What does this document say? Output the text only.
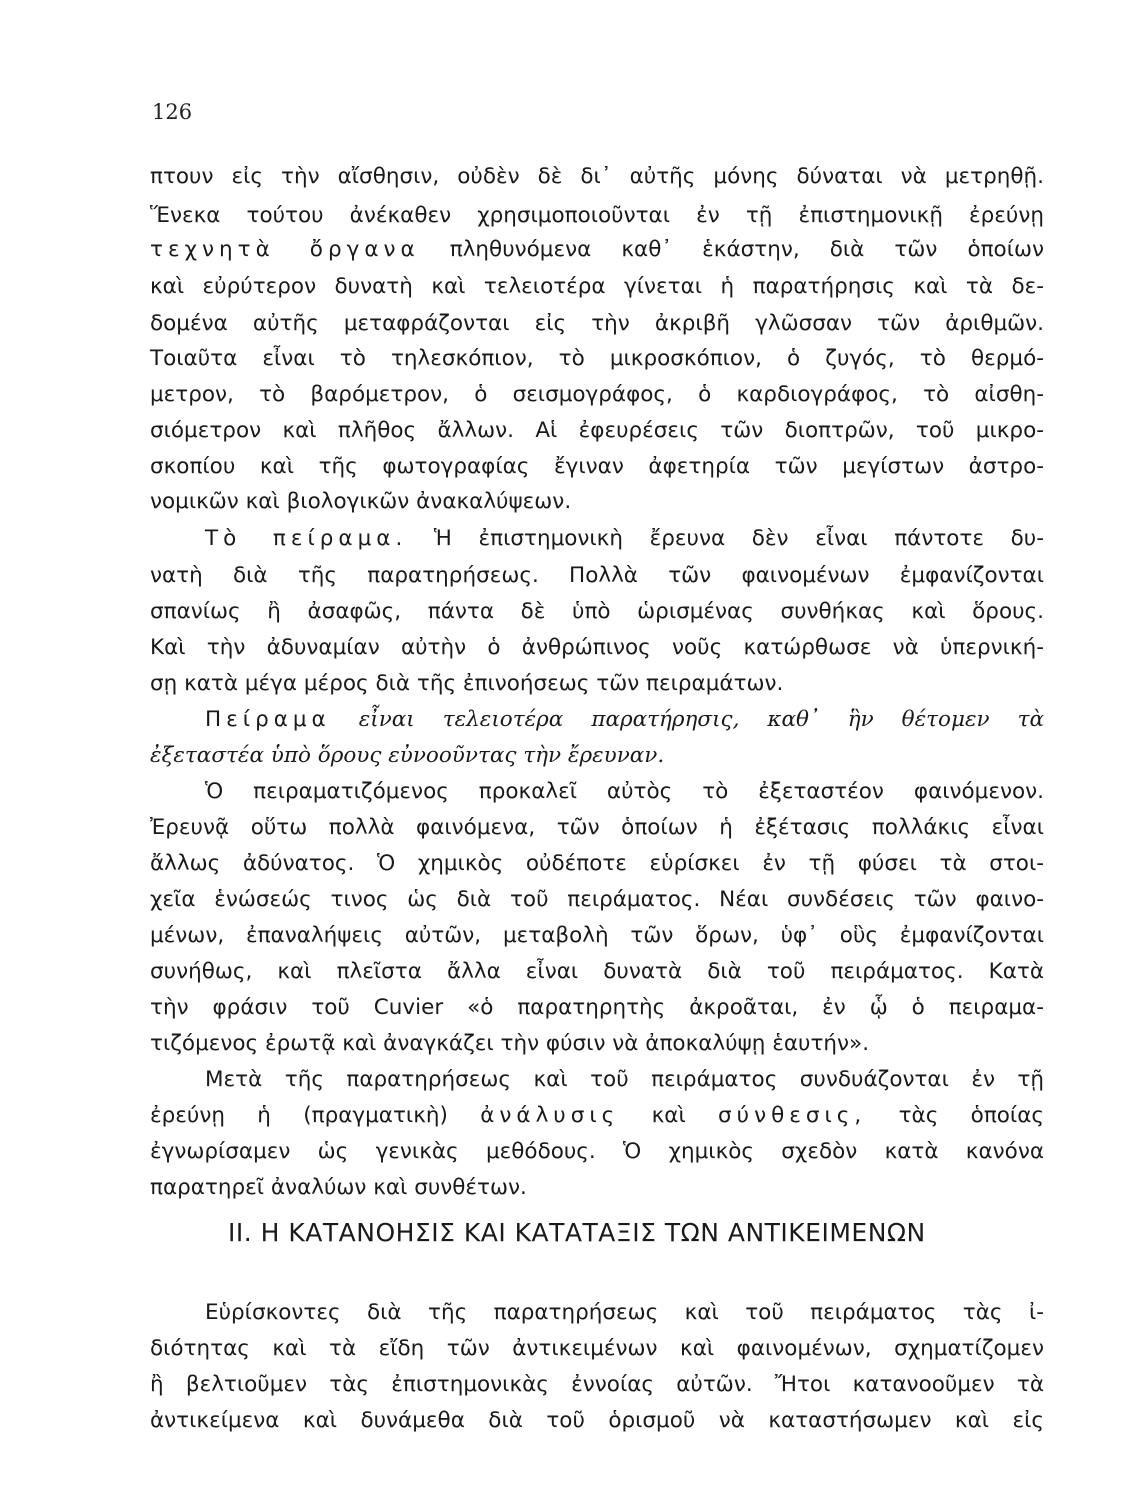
126
πτουν εἰς τὴν αἴσθησιν, οὐδὲν δὲ δι᾿ αὐτῆς μόνης δύναται νὰ μετρηθῇ.
Ἕνεκα τούτου ἀνέκαθεν χρησιμοποιοῦνται ἐν τῇ ἐπιστημονικῇ ἐρεύνῃ
τεχνητὰ ὄργανα πληθυνόμενα καθ᾿ ἑκάστην, διὰ τῶν ὁποίων
καὶ εὐρύτερον δυνατὴ καὶ τελειοτέρα γίνεται ἡ παρατήρησις καὶ τὰ δε-
δομένα αὐτῆς μεταφράζονται εἰς τὴν ἀκριβῆ γλῶσσαν τῶν ἀριθμῶν.
Τοιαῦτα εἶναι τὸ τηλεσκόπιον, τὸ μικροσκόπιον, ὁ ζυγός, τὸ θερμό-
μετρον, τὸ βαρόμετρον, ὁ σεισμογράφος, ὁ καρδιογράφος, τὸ αἰσθη-
σιόμετρον καὶ πλῆθος ἄλλων. Αἱ ἐφευρέσεις τῶν διοπτρῶν, τοῦ μικρο-
σκοπίου καὶ τῆς φωτογραφίας ἔγιναν ἀφετηρία τῶν μεγίστων ἀστρο-
νομικῶν καὶ βιολογικῶν ἀνακαλύψεων.
Τὸ πείραμα. Ἡ ἐπιστημονικὴ ἔρευνα δὲν εἶναι πάντοτε δυ-
νατὴ διὰ τῆς παρατηρήσεως. Πολλὰ τῶν φαινομένων ἐμφανίζονται
σπανίως ἢ ἀσαφῶς, πάντα δὲ ὑπὸ ὡρισμένας συνθήκας καὶ ὅρους.
Καὶ τὴν ἀδυναμίαν αὐτὴν ὁ ἀνθρώπινος νοῦς κατώρθωσε νὰ ὑπερνική-
σῃ κατὰ μέγα μέρος διὰ τῆς ἐπινοήσεως τῶν πειραμάτων.
Πείραμα εἶναι τελειοτέρα παρατήρησις, καθ᾿ ἣν θέτομεν τὰ
ἐξεταστέα ὑπὸ ὅρους εὐνοοῦντας τὴν ἔρευναν.
Ὁ πειραματιζόμενος προκαλεῖ αὐτὸς τὸ ἐξεταστέον φαινόμενον.
Ἐρευνᾷ οὕτω πολλὰ φαινόμενα, τῶν ὁποίων ἡ ἐξέτασις πολλάκις εἶναι
ἄλλως ἀδύνατος. Ὁ χημικὸς οὐδέποτε εὑρίσκει ἐν τῇ φύσει τὰ στοι-
χεῖα ἑνώσεώς τινος ὡς διὰ τοῦ πειράματος. Νέαι συνδέσεις τῶν φαινο-
μένων, ἐπαναλήψεις αὐτῶν, μεταβολὴ τῶν ὅρων, ὑφ᾿ οὓς ἐμφανίζονται
συνήθως, καὶ πλεῖστα ἄλλα εἶναι δυνατὰ διὰ τοῦ πειράματος. Κατὰ
τὴν φράσιν τοῦ Cuvier «ὁ παρατηρητὴς ἀκροᾶται, ἐν ᾧ ὁ πειραμα-
τιζόμενος ἐρωτᾷ καὶ ἀναγκάζει τὴν φύσιν νὰ ἀποκαλύψῃ ἑαυτήν».
Μετὰ τῆς παρατηρήσεως καὶ τοῦ πειράματος συνδυάζονται ἐν τῇ
ἐρεύνῃ ἡ (πραγματικὴ) ἀνάλυσις καὶ σύνθεσις, τὰς ὁποίας
ἐγνωρίσαμεν ὡς γενικὰς μεθόδους. Ὁ χημικὸς σχεδὸν κατὰ κανόνα
παρατηρεῖ ἀναλύων καὶ συνθέτων.
ΙΙ. Η ΚΑΤΑΝΟΗΣΙΣ ΚΑΙ ΚΑΤΑΤΑΞΙΣ ΤΩΝ ΑΝΤΙΚΕΙΜΕΝΩΝ
Εὑρίσκοντες διὰ τῆς παρατηρήσεως καὶ τοῦ πειράματος τὰς ἰ-
διότητας καὶ τὰ εἴδη τῶν ἀντικειμένων καὶ φαινομένων, σχηματίζομεν
ἢ βελτιοῦμεν τὰς ἐπιστημονικὰς ἐννοίας αὐτῶν. Ἤτοι κατανοοῦμεν τὰ
ἀντικείμενα καὶ δυνάμεθα διὰ τοῦ ὁρισμοῦ νὰ καταστήσωμεν καὶ εἰς
